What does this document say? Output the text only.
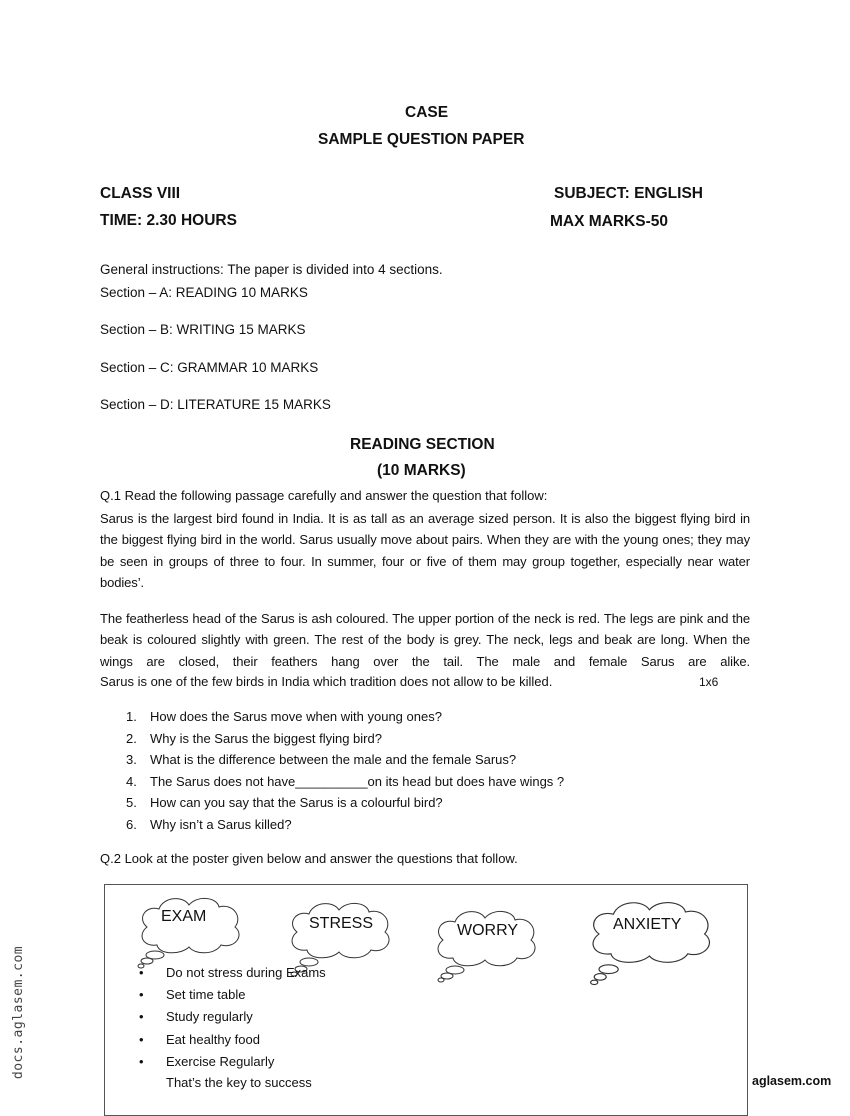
CASE
SAMPLE QUESTION PAPER
CLASS VIII	SUBJECT: ENGLISH
TIME: 2.30 HOURS	MAX MARKS-50
General instructions: The paper is divided into 4 sections.
Section – A: READING 10 MARKS
Section – B: WRITING 15 MARKS
Section – C: GRAMMAR 10 MARKS
Section – D: LITERATURE 15 MARKS
READING SECTION
(10 MARKS)
Q.1 Read the following passage carefully and answer the question that follow:
Sarus is the largest bird found in India. It is as tall as an average sized person. It is also the biggest flying bird in the biggest flying bird in the world. Sarus usually move about pairs. When they are with the young ones; they may be seen in groups of three to four. In summer, four or five of them may group together, especially near water bodies’.
The featherless head of the Sarus is ash coloured. The upper portion of the neck is red. The legs are pink and the beak is coloured slightly with green. The rest of the body is grey. The neck, legs and beak are long. When the wings are closed, their feathers hang over the tail. The male and female Sarus are alike.
Sarus is one of the few birds in India which tradition does not allow to be killed.	1x6
1. How does the Sarus move when with young ones?
2. Why is the Sarus the biggest flying bird?
3. What is the difference between the male and the female Sarus?
4. The Sarus does not have__________on its head but does have wings ?
5. How can you say that the Sarus is a colourful bird?
6. Why isn’t a Sarus killed?
Q.2 Look at the poster given below and answer the questions that follow.
EXAM	STRESS	WORRY	ANXIETY
• Do not stress during Exams
• Set time table
• Study regularly
• Eat healthy food
• Exercise Regularly
That’s the key to success
docs.aglasem.com
aglasem.com
